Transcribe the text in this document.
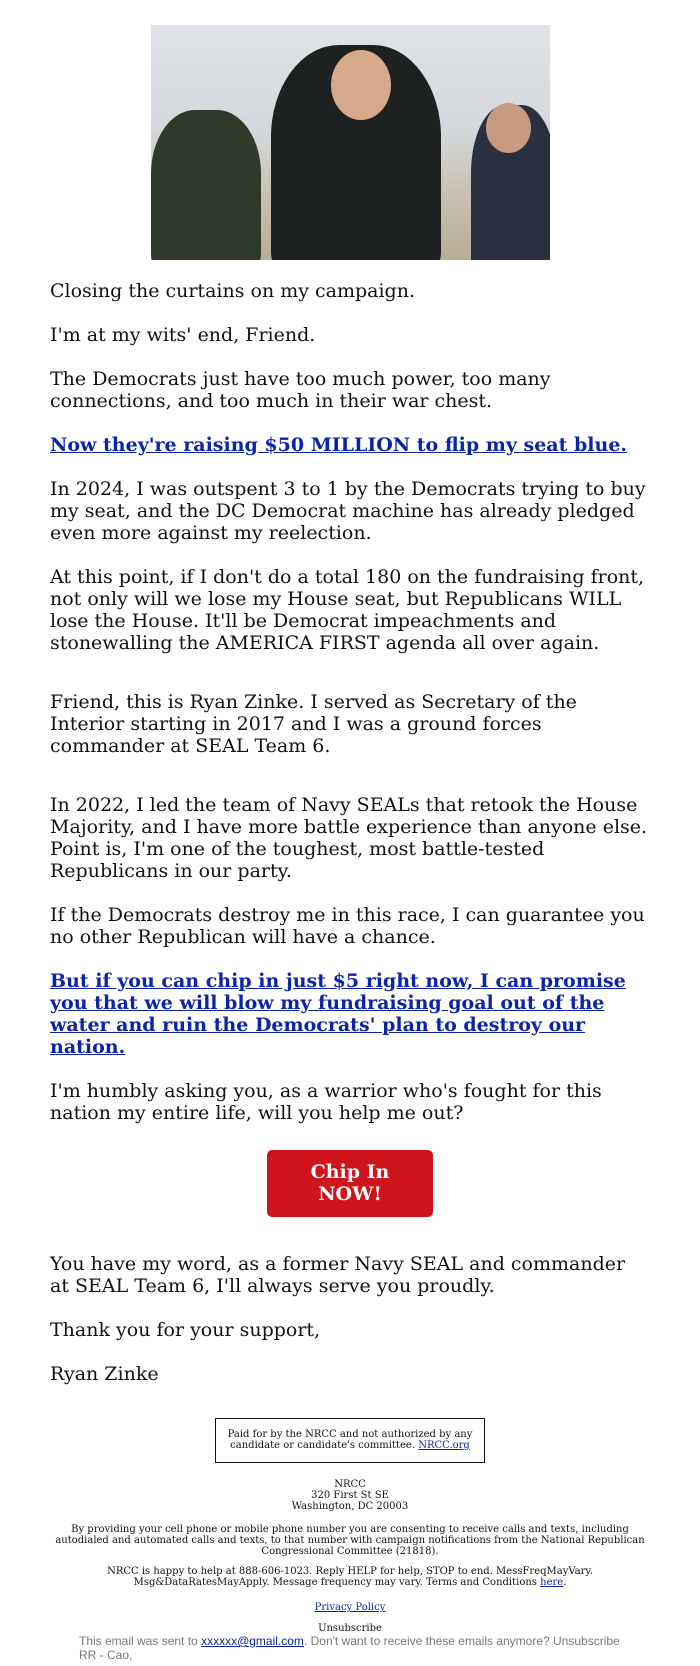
Closing the curtains on my campaign.

I'm at my wits' end, Friend.

The Democrats just have too much power, too many connections, and too much in their war chest.

Now they're raising $50 MILLION to flip my seat blue.

In 2024, I was outspent 3 to 1 by the Democrats trying to buy my seat, and the DC Democrat machine has already pledged even more against my reelection.

At this point, if I don't do a total 180 on the fundraising front, not only will we lose my House seat, but Republicans WILL lose the House. It'll be Democrat impeachments and stonewalling the AMERICA FIRST agenda all over again.

Friend, this is Ryan Zinke. I served as Secretary of the Interior starting in 2017 and I was a ground forces commander at SEAL Team 6.

In 2022, I led the team of Navy SEALs that retook the House Majority, and I have more battle experience than anyone else. Point is, I'm one of the toughest, most battle-tested Republicans in our party.

If the Democrats destroy me in this race, I can guarantee you no other Republican will have a chance.

But if you can chip in just $5 right now, I can promise you that we will blow my fundraising goal out of the water and ruin the Democrats' plan to destroy our nation.

I'm humbly asking you, as a warrior who's fought for this nation my entire life, will you help me out?

Chip In NOW!

You have my word, as a former Navy SEAL and commander at SEAL Team 6, I'll always serve you proudly.

Thank you for your support,

Ryan Zinke

Paid for by the NRCC and not authorized by any candidate or candidate's committee. NRCC.org
NRCC
320 First St SE
Washington, DC 20003
By providing your cell phone or mobile phone number you are consenting to receive calls and texts, including autodialed and automated calls and texts, to that number with campaign notifications from the National Republican Congressional Committee (21818).
NRCC is happy to help at 888-606-1023. Reply HELP for help, STOP to end. MessFreqMayVary. Msg&DataRatesMayApply. Message frequency may vary. Terms and Conditions here.
Privacy Policy
Unsubscribe
This email was sent to xxxxxx@gmail.com. Don't want to receive these emails anymore? Unsubscribe
RR - Cao,
